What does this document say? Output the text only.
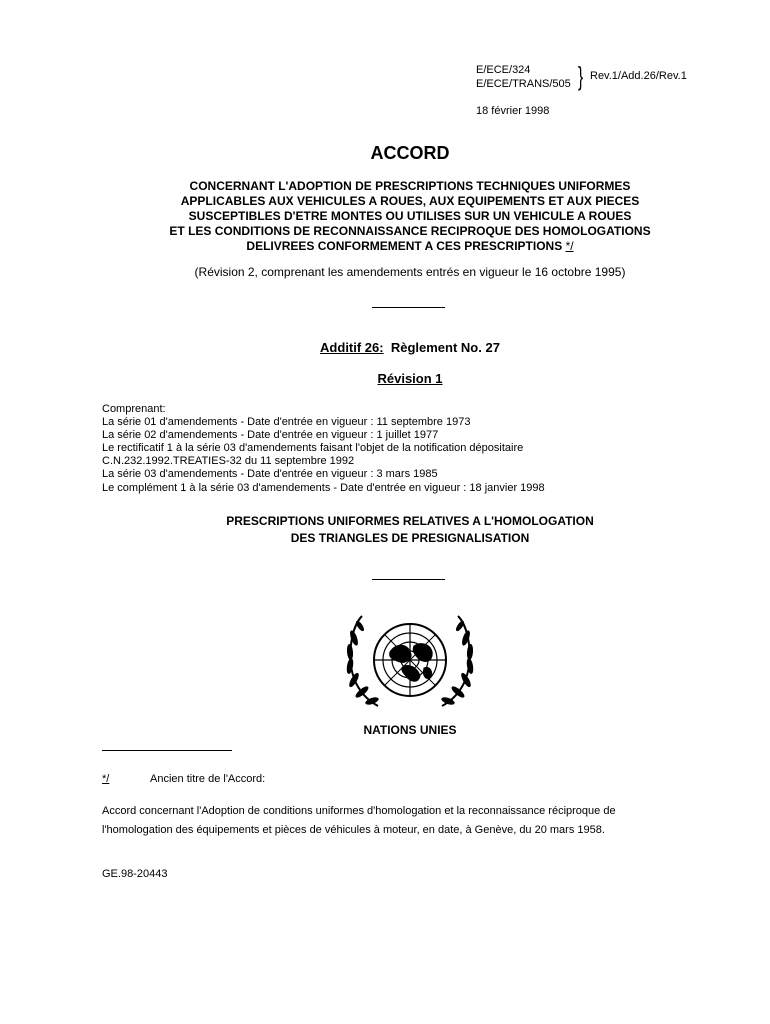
E/ECE/324
E/ECE/TRANS/505 } Rev.1/Add.26/Rev.1
18 février 1998
ACCORD
CONCERNANT L'ADOPTION DE PRESCRIPTIONS TECHNIQUES UNIFORMES
APPLICABLES AUX VEHICULES A ROUES, AUX EQUIPEMENTS ET AUX PIECES
SUSCEPTIBLES D'ETRE MONTES OU UTILISES SUR UN VEHICULE A ROUES
ET LES CONDITIONS DE RECONNAISSANCE RECIPROQUE DES HOMOLOGATIONS
DELIVREES CONFORMEMENT A CES PRESCRIPTIONS */
(Révision 2, comprenant les amendements entrés en vigueur le 16 octobre 1995)
Additif 26: Règlement No. 27
Révision 1
Comprenant:
La série 01 d'amendements - Date d'entrée en vigueur : 11 septembre 1973
La série 02 d'amendements - Date d'entrée en vigueur : 1 juillet 1977
Le rectificatif 1 à la série 03 d'amendements faisant l'objet de la notification dépositaire
C.N.232.1992.TREATIES-32 du 11 septembre 1992
La série 03 d'amendements - Date d'entrée en vigueur : 3 mars 1985
Le complément 1 à la série 03 d'amendements - Date d'entrée en vigueur : 18 janvier 1998
PRESCRIPTIONS UNIFORMES RELATIVES A L'HOMOLOGATION
DES TRIANGLES DE PRESIGNALISATION
NATIONS UNIES
*/	Ancien titre de l'Accord:
Accord concernant l'Adoption de conditions uniformes d'homologation et la reconnaissance réciproque de
l'homologation des équipements et pièces de véhicules à moteur, en date, à Genève, du 20 mars 1958.
GE.98-20443
